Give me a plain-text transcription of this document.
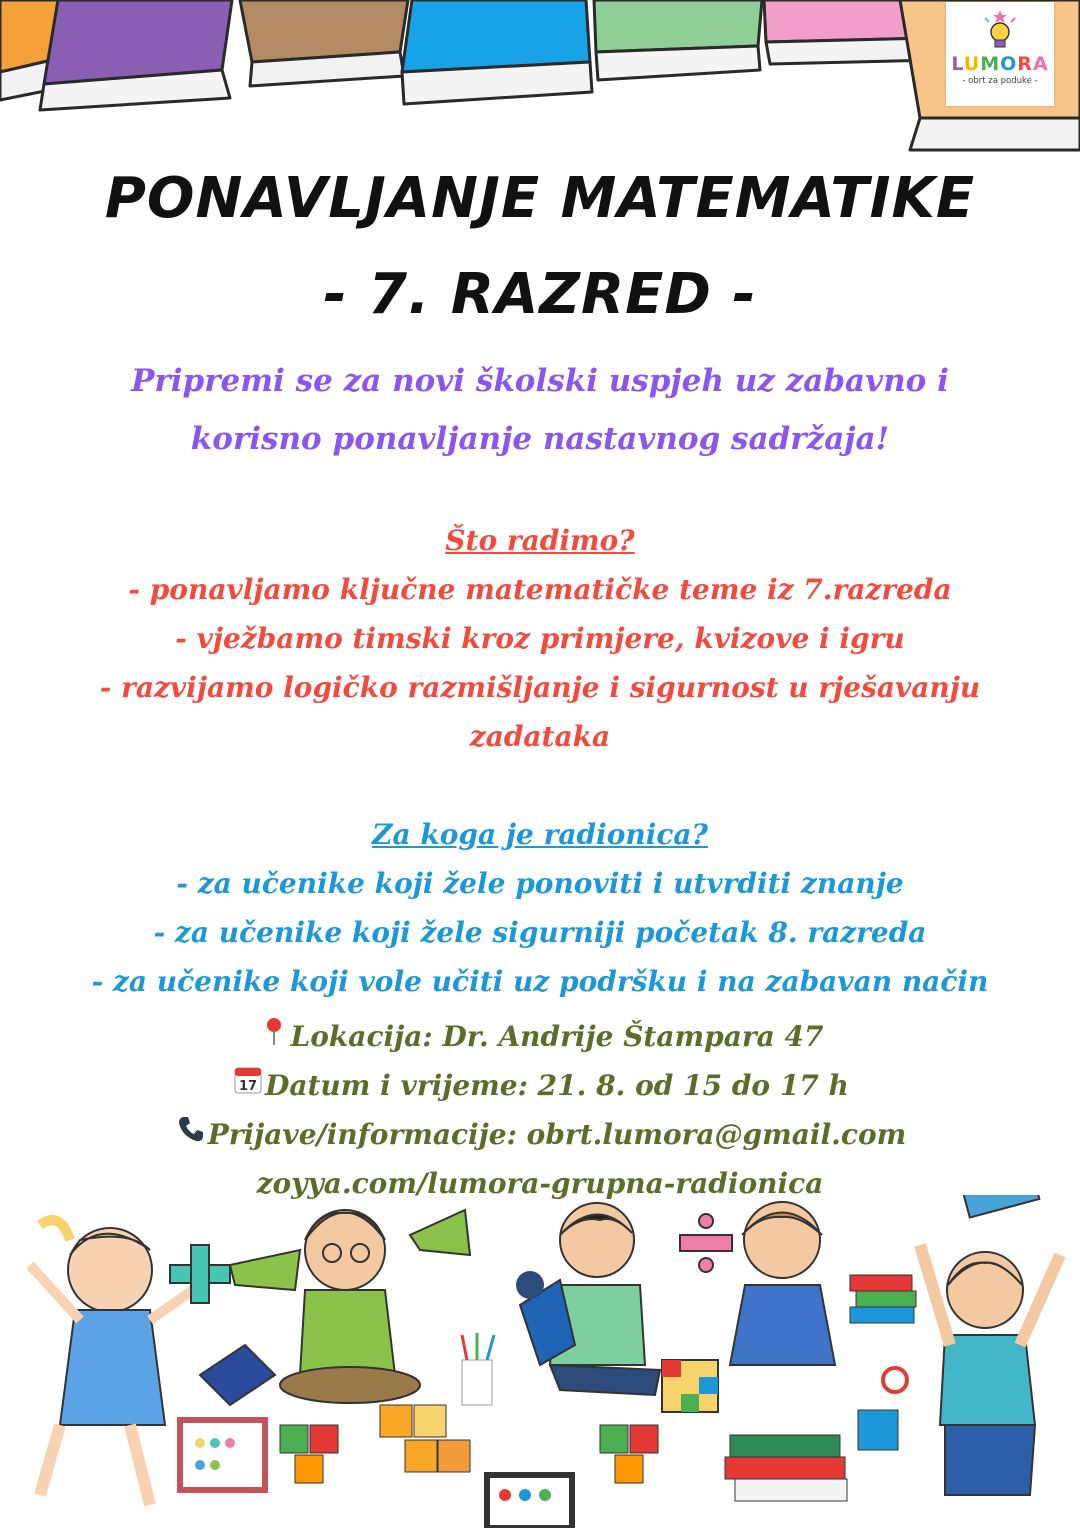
LUMORA
- obrt za poduke -
PONAVLJANJE MATEMATIKE
- 7. RAZRED -
Pripremi se za novi školski uspjeh uz zabavno i
korisno ponavljanje nastavnog sadržaja!
Što radimo?
- ponavljamo ključne matematičke teme iz 7.razreda
- vježbamo timski kroz primjere, kvizove i igru
- razvijamo logičko razmišljanje i sigurnost u rješavanju
zadataka
Za koga je radionica?
- za učenike koji žele ponoviti i utvrditi znanje
- za učenike koji žele sigurniji početak 8. razreda
- za učenike koji vole učiti uz podršku i na zabavan način
Lokacija: Dr. Andrije Štampara 47
17 Datum i vrijeme: 21. 8. od 15 do 17 h
Prijave/informacije: obrt.lumora@gmail.com
zoyya.com/lumora-grupna-radionica
